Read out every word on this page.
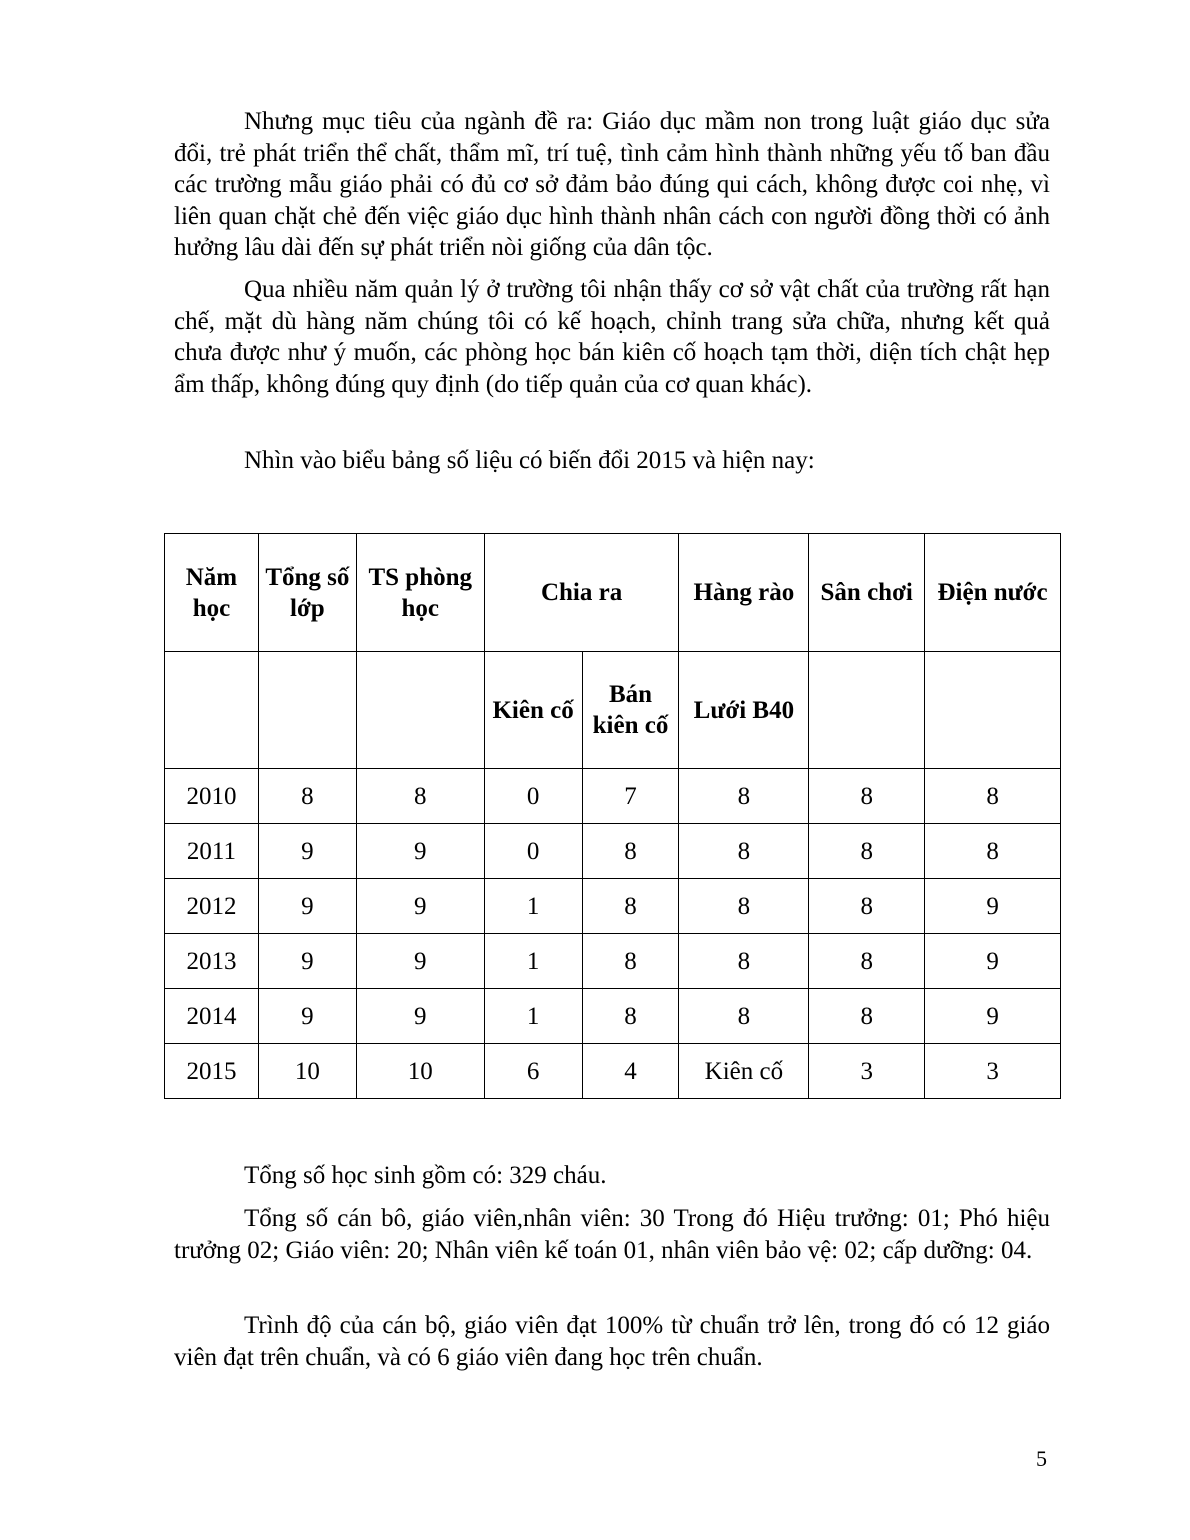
Nhưng mục tiêu của ngành đề ra: Giáo dục mầm non trong luật giáo dục sửa đổi, trẻ phát triển thể chất, thẩm mĩ, trí tuệ, tình cảm hình thành những yếu tố ban đầu các trường mẫu giáo phải có đủ cơ sở đảm bảo đúng qui cách, không được coi nhẹ, vì liên quan chặt chẻ đến việc giáo dục hình thành nhân cách con người đồng thời có ảnh hưởng lâu dài đến sự phát triển nòi giống của dân tộc.

Qua nhiều năm quản lý ở trường tôi nhận thấy cơ sở vật chất của trường rất hạn chế, mặt dù hàng năm chúng tôi có kế hoạch, chỉnh trang sửa chữa, nhưng kết quả chưa được như ý muốn, các phòng học bán kiên cố hoạch tạm thời, diện tích chật hẹp ẩm thấp, không đúng quy định (do tiếp quản của cơ quan khác).

Nhìn vào biểu bảng số liệu có biến đổi 2015 và hiện nay:

Năm học	Tổng số lớp	TS phòng học	Chia ra		Hàng rào	Sân chơi	Điện nước
			Kiên cố	Bán kiên cố	Lưới B40		
2010	8	8	0	7	8	8	8
2011	9	9	0	8	8	8	8
2012	9	9	1	8	8	8	9
2013	9	9	1	8	8	8	9
2014	9	9	1	8	8	8	9
2015	10	10	6	4	Kiên cố	3	3

Tổng số học sinh gồm có: 329 cháu.

Tổng số cán bô, giáo viên,nhân viên: 30 Trong đó Hiệu trưởng: 01; Phó hiệu trưởng 02; Giáo viên: 20; Nhân viên kế toán 01, nhân viên bảo vệ: 02; cấp dưỡng: 04.

Trình độ của cán bộ, giáo viên đạt 100% từ chuẩn trở lên, trong đó có 12 giáo viên đạt trên chuẩn, và có 6 giáo viên đang học trên chuẩn.

5
